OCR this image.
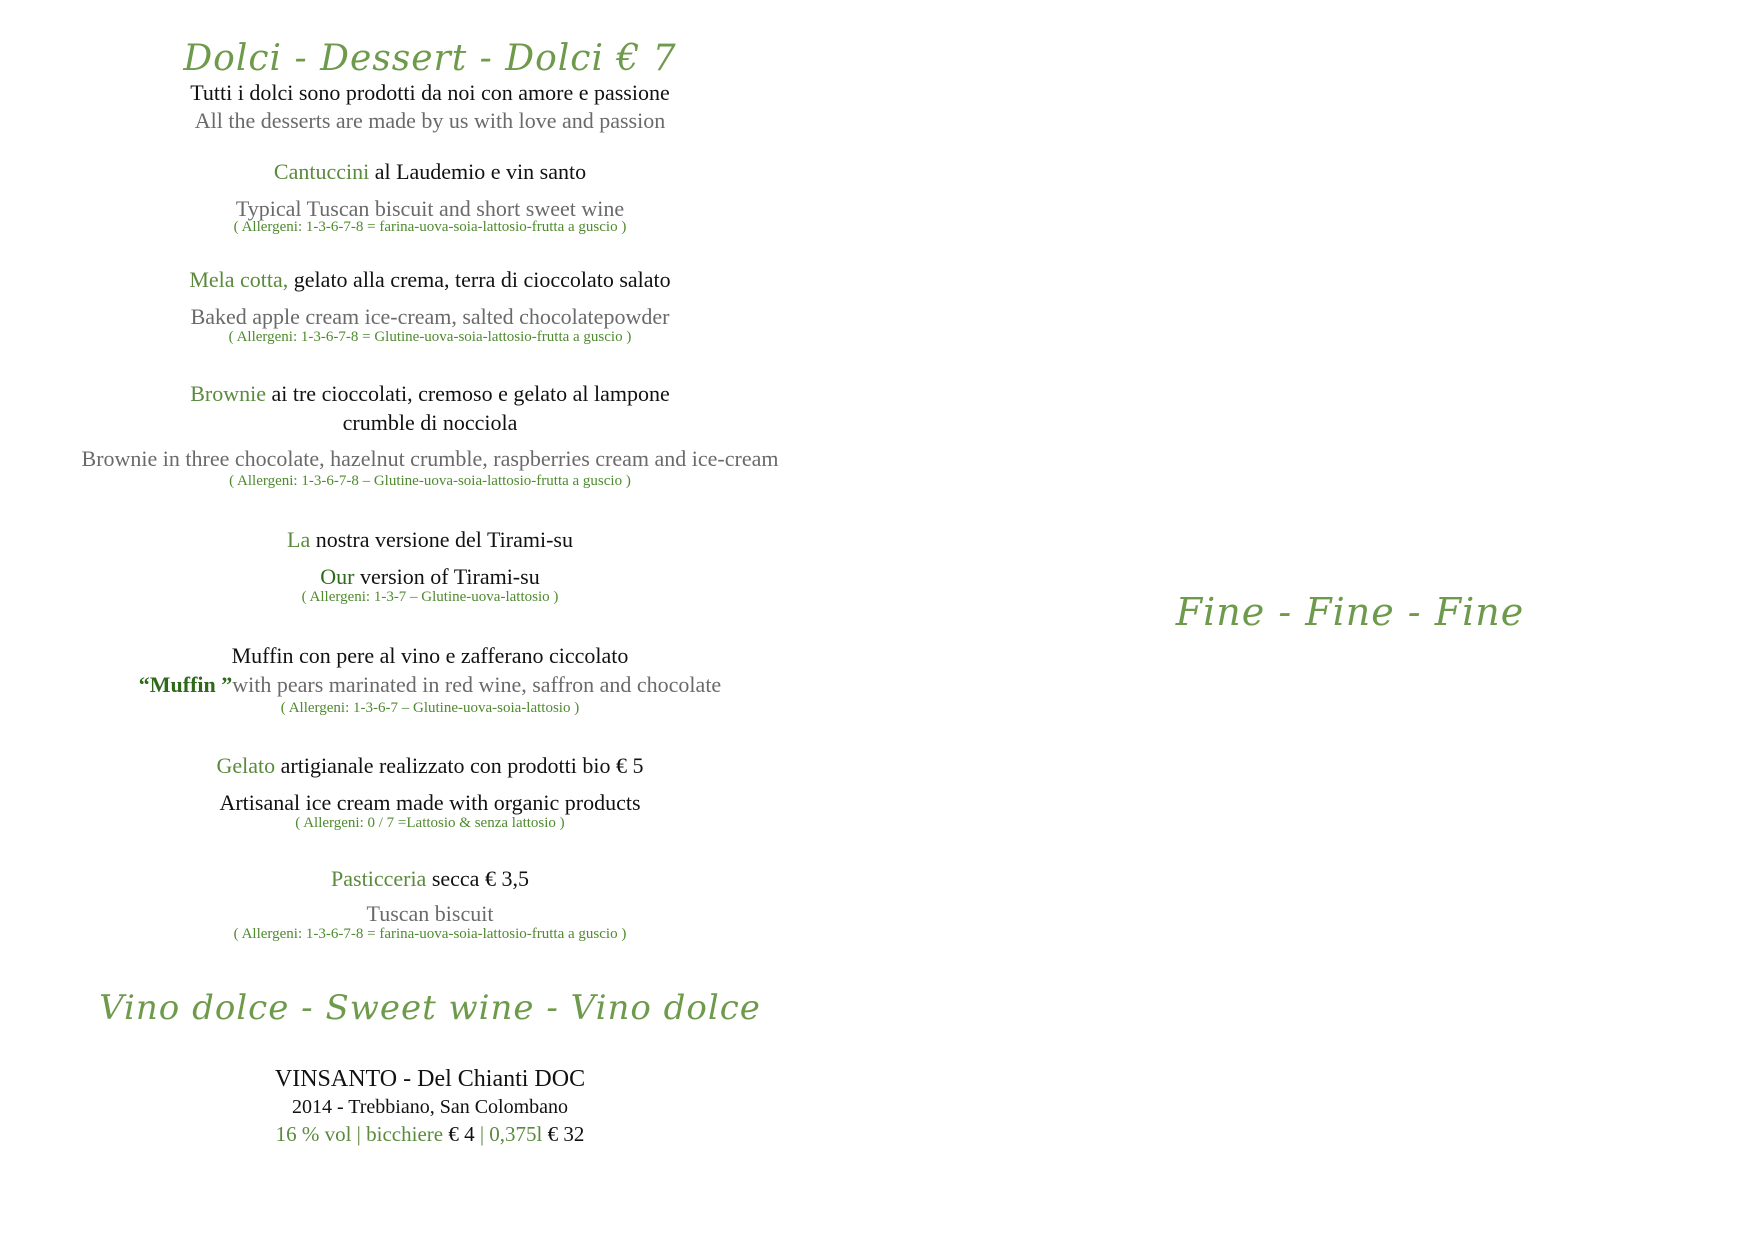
Dolci - Dessert - Dolci € 7
Tutti i dolci sono prodotti da noi con amore e passione
All the desserts are made by us with love and passion
Cantuccini al Laudemio e vin santo
Typical Tuscan biscuit and short sweet wine
( Allergeni: 1-3-6-7-8 = farina-uova-soia-lattosio-frutta a guscio )
Mela cotta, gelato alla crema, terra di cioccolato salato
Baked apple cream ice-cream, salted chocolatepowder
( Allergeni: 1-3-6-7-8 = Glutine-uova-soia-lattosio-frutta a guscio )
Brownie ai tre cioccolati, cremoso e gelato al lampone
crumble di nocciola
Brownie in three chocolate, hazelnut crumble, raspberries cream and ice-cream
( Allergeni: 1-3-6-7-8 – Glutine-uova-soia-lattosio-frutta a guscio )
La nostra versione del Tirami-su
Our version of Tirami-su
( Allergeni: 1-3-7 – Glutine-uova-lattosio )
Muffin con pere al vino e zafferano ciccolato
“Muffin ”with pears marinated in red wine, saffron and chocolate
( Allergeni: 1-3-6-7 – Glutine-uova-soia-lattosio )
Gelato artigianale realizzato con prodotti bio € 5
Artisanal ice cream made with organic products
( Allergeni: 0 / 7 =Lattosio & senza lattosio )
Pasticceria secca € 3,5
Tuscan biscuit
( Allergeni: 1-3-6-7-8 = farina-uova-soia-lattosio-frutta a guscio )
Vino dolce - Sweet wine - Vino dolce
VINSANTO - Del Chianti DOC
2014 - Trebbiano, San Colombano
16 % vol | bicchiere € 4 | 0,375l € 32
Fine - Fine - Fine
